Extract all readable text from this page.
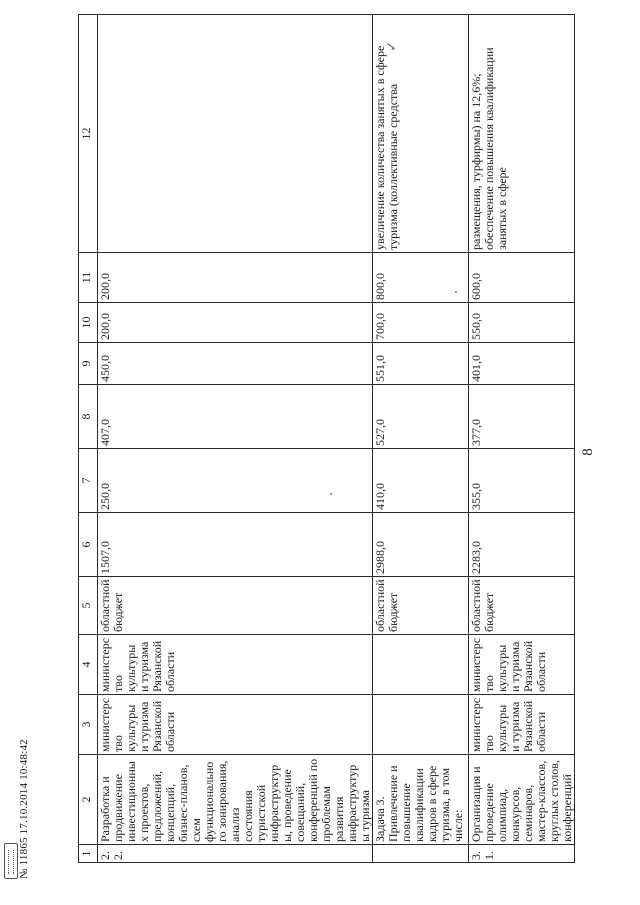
1	2	3	4	5	6	7	8	9	10	11	12
2.2.	Разработка и продвижение инвестиционных проектов, предложений, концепций, бизнес-планов, схем функционального зонирования, анализ состояния туристской инфраструктуры, проведение совещаний, конференций по проблемам развития инфраструктуры туризма	министерство культуры и туризма Рязанской области	министерство культуры и туризма Рязанской области	областной бюджет	1507,0	250,0	407,0	450,0	200,0	200,0	
	Задача 3. Привлечение и повышение квалификации кадров в сфере туризма, в том числе:			областной бюджет	2988,0	410,0	527,0	551,0	700,0	800,0	увеличение количества занятых в сфере туризма (коллективные средства
3.1.	Организация и проведение олимпиад, конкурсов, семинаров, мастер-классов, круглых столов, конференций	министерство культуры и туризма Рязанской области	министерство культуры и туризма Рязанской области	областной бюджет	2283,0	355,0	377,0	401,0	550,0	600,0	размещения, турфирмы) на 12,6%; обеспечение повышения квалификации занятых в сфере
8
№ 11865 17.10.2014 10:48:42
✓
